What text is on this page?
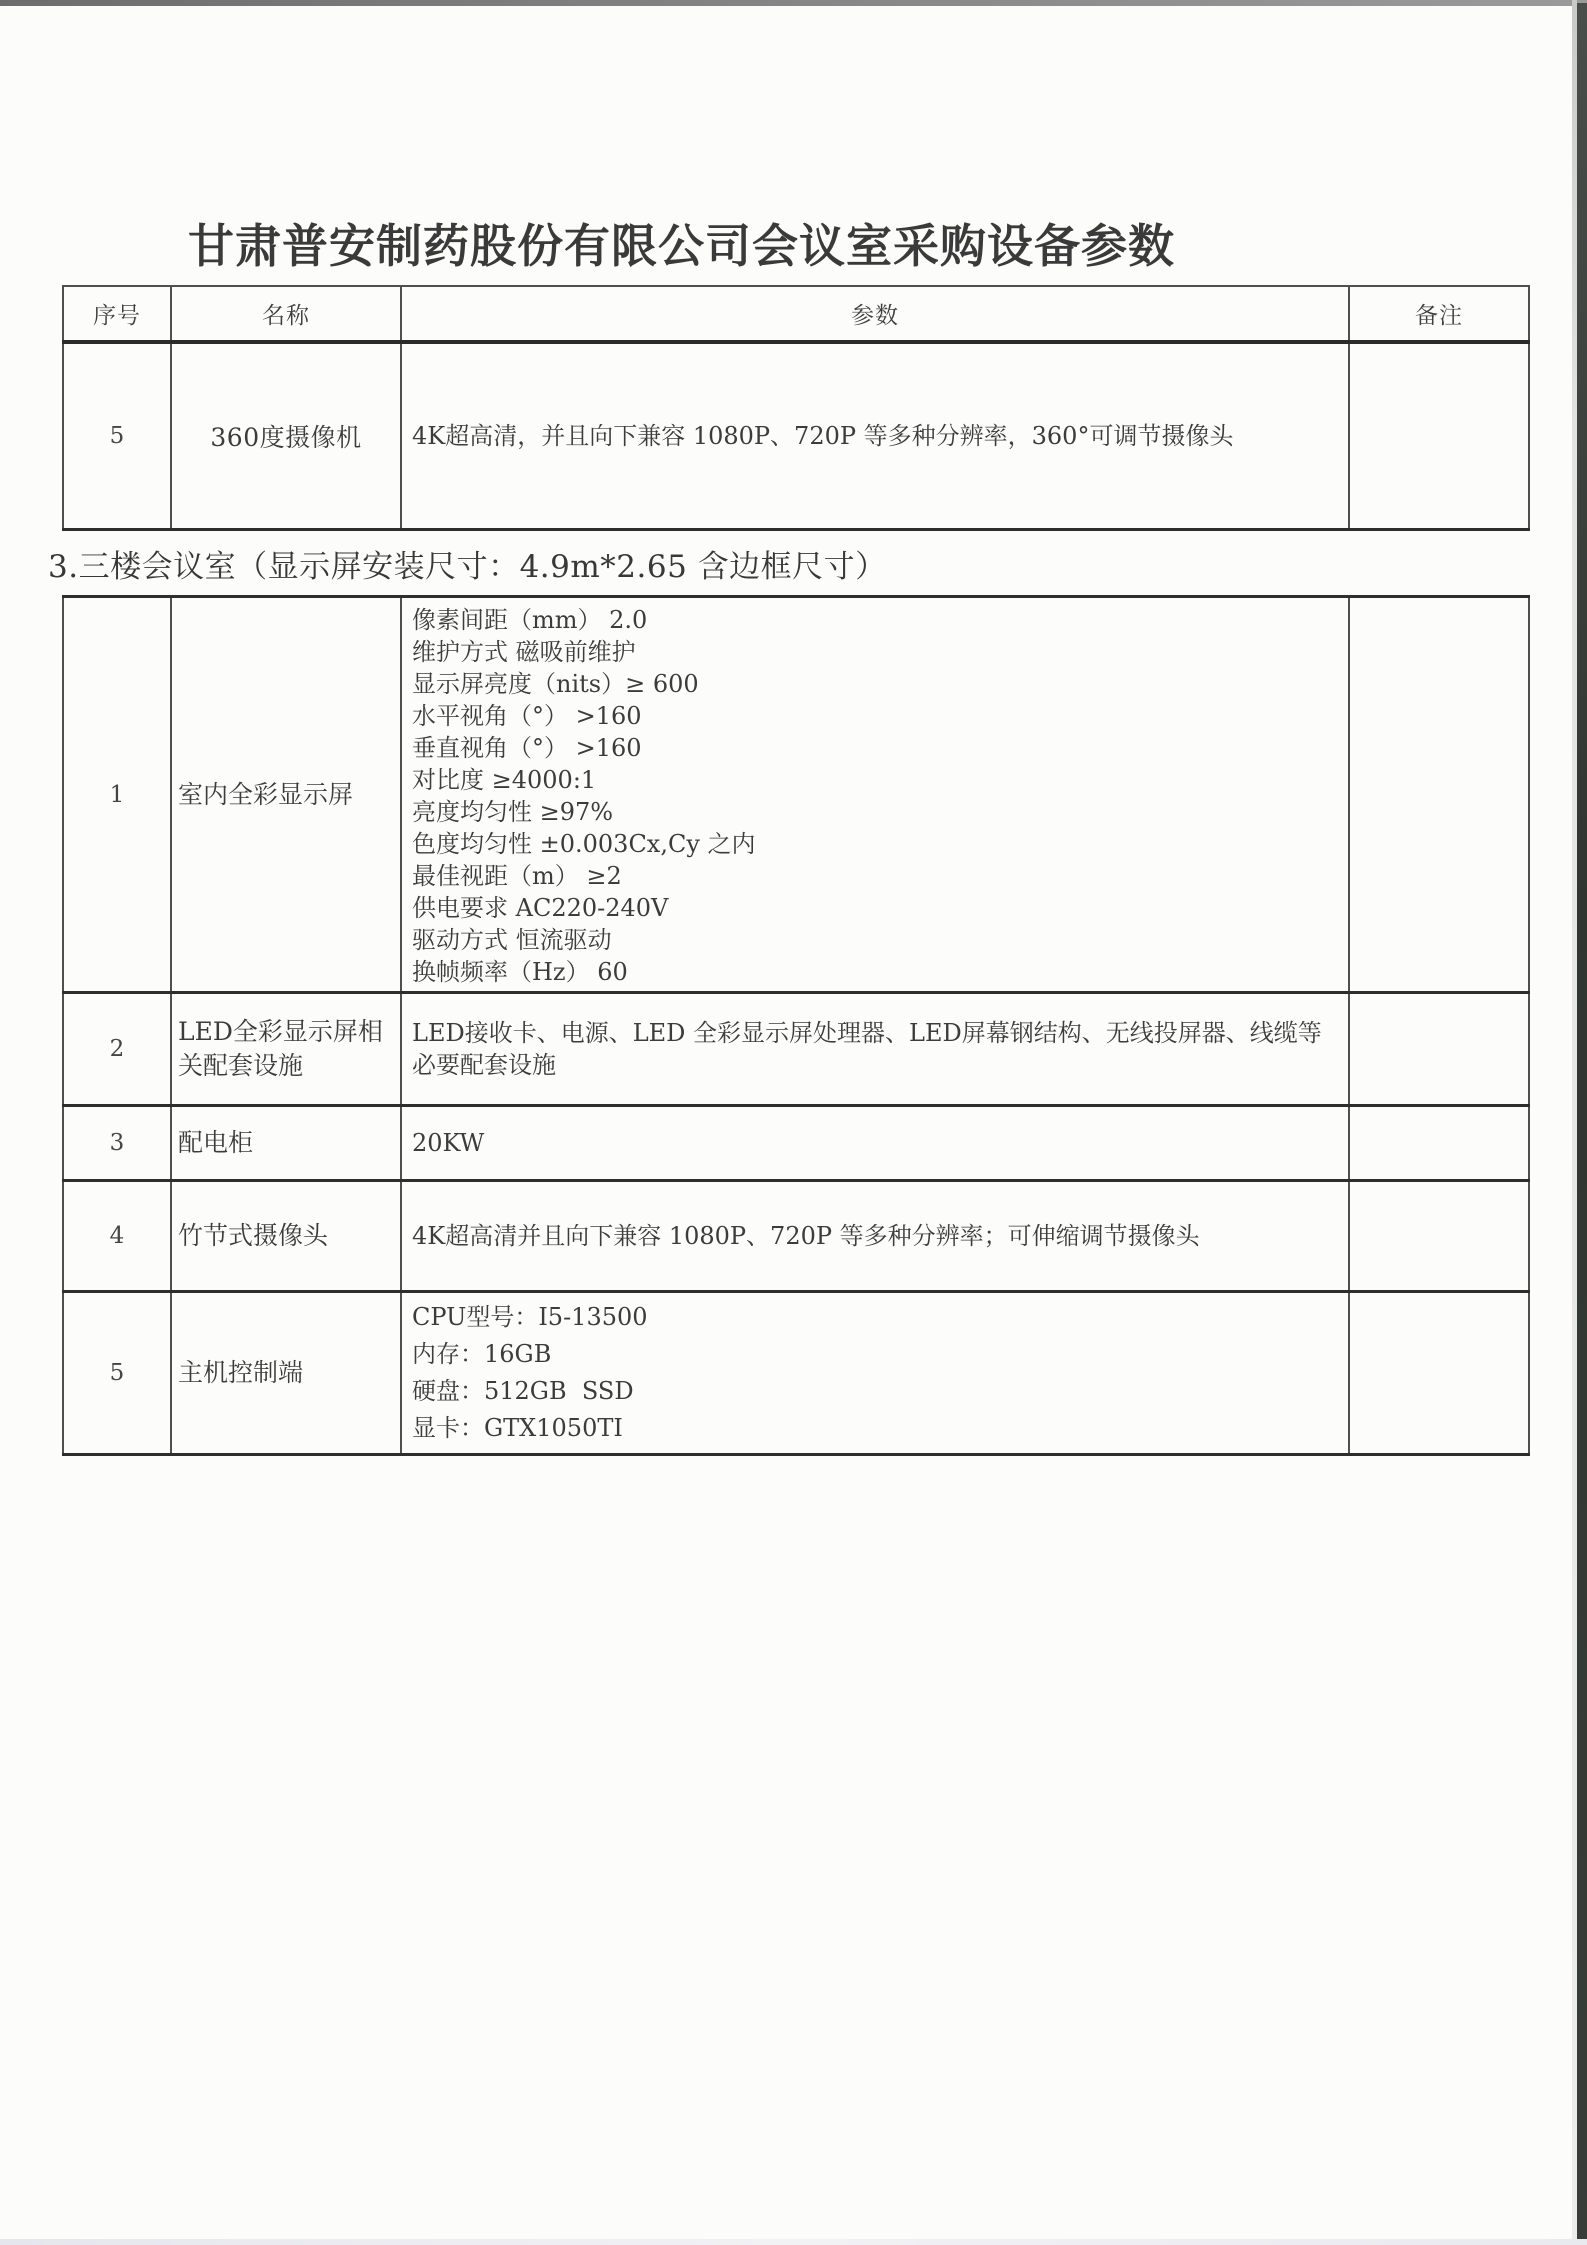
甘肃普安制药股份有限公司会议室采购设备参数
序号	名称	参数	备注
5	360度摄像机	4K超高清，并且向下兼容 1080P、720P 等多种分辨率，360°可调节摄像头	

3.三楼会议室（显示屏安装尺寸：4.9m*2.65 含边框尺寸）
1	室内全彩显示屏	
像素间距（mm） 2.0
维护方式 磁吸前维护
显示屏亮度（nits）≥ 600
水平视角（°） >160
垂直视角（°） >160
对比度 ≥4000:1
亮度均匀性 ≥97%
色度均匀性 ±0.003Cx,Cy 之内
最佳视距（m） ≥2
供电要求 AC220-240V
驱动方式 恒流驱动
换帧频率（Hz） 60

2	LED全彩显示屏相关配套设施	LED接收卡、电源、LED 全彩显示屏处理器、LED屏幕钢结构、无线投屏器、线缆等必要配套设施	

3	配电柜	20KW	

4	竹节式摄像头	4K超高清并且向下兼容 1080P、720P 等多种分辨率；可伸缩调节摄像头	

5	主机控制端	CPU型号：I5-13500
内存：16GB
硬盘：512GB  SSD
显卡：GTX1050TI	
